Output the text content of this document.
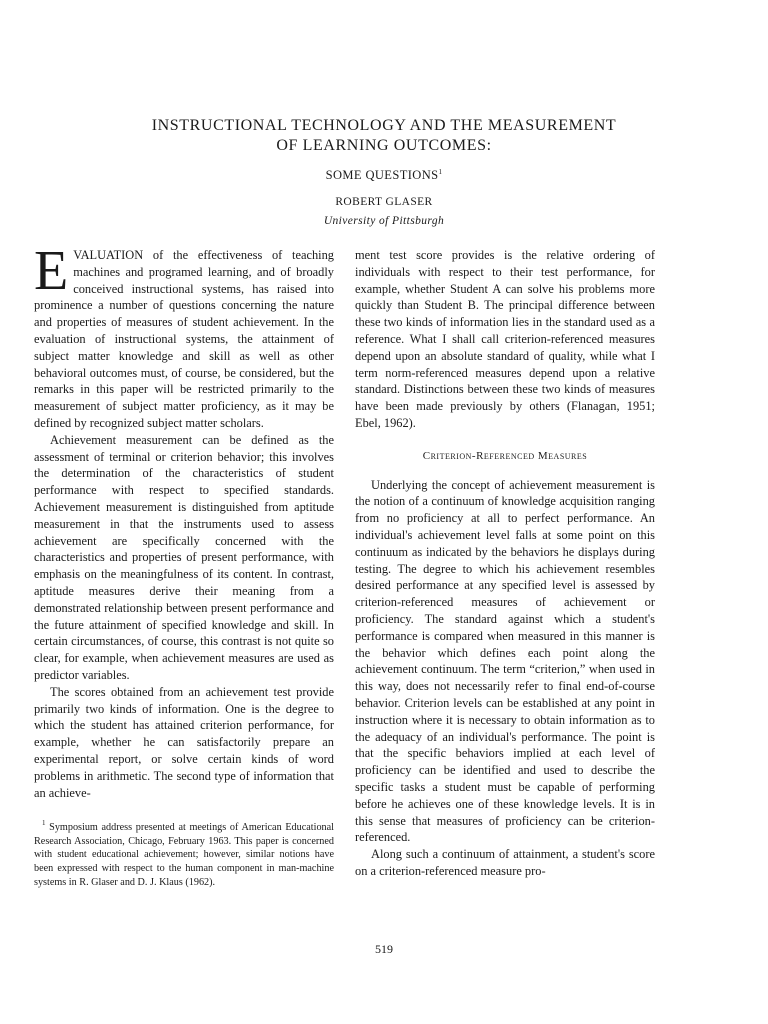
INSTRUCTIONAL TECHNOLOGY AND THE MEASUREMENT
OF LEARNING OUTCOMES:
SOME QUESTIONS$^1$
ROBERT GLASER
University of Pittsburgh

EVALUATION of the effectiveness of teaching machines and programed learning, and of broadly conceived instructional systems, has raised into prominence a number of questions concerning the nature and properties of measures of student achievement. In the evaluation of instructional systems, the attainment of subject matter knowledge and skill as well as other behavioral outcomes must, of course, be considered, but the remarks in this paper will be restricted primarily to the measurement of subject matter proficiency, as it may be defined by recognized subject matter scholars.

Achievement measurement can be defined as the assessment of terminal or criterion behavior; this involves the determination of the characteristics of student performance with respect to specified standards. Achievement measurement is distinguished from aptitude measurement in that the instruments used to assess achievement are specifically concerned with the characteristics and properties of present performance, with emphasis on the meaningfulness of its content. In contrast, aptitude measures derive their meaning from a demonstrated relationship between present performance and the future attainment of specified knowledge and skill. In certain circumstances, of course, this contrast is not quite so clear, for example, when achievement measures are used as predictor variables.

The scores obtained from an achievement test provide primarily two kinds of information. One is the degree to which the student has attained criterion performance, for example, whether he can satisfactorily prepare an experimental report, or solve certain kinds of word problems in arithmetic. The second type of information that an achieve-

$^1$ Symposium address presented at meetings of American Educational Research Association, Chicago, February 1963. This paper is concerned with student educational achievement; however, similar notions have been expressed with respect to the human component in man-machine systems in R. Glaser and D. J. Klaus (1962).

ment test score provides is the relative ordering of individuals with respect to their test performance, for example, whether Student A can solve his problems more quickly than Student B. The principal difference between these two kinds of information lies in the standard used as a reference. What I shall call criterion-referenced measures depend upon an absolute standard of quality, while what I term norm-referenced measures depend upon a relative standard. Distinctions between these two kinds of measures have been made previously by others (Flanagan, 1951; Ebel, 1962).

Criterion-Referenced Measures

Underlying the concept of achievement measurement is the notion of a continuum of knowledge acquisition ranging from no proficiency at all to perfect performance. An individual's achievement level falls at some point on this continuum as indicated by the behaviors he displays during testing. The degree to which his achievement resembles desired performance at any specified level is assessed by criterion-referenced measures of achievement or proficiency. The standard against which a student's performance is compared when measured in this manner is the behavior which defines each point along the achievement continuum. The term “criterion,” when used in this way, does not necessarily refer to final end-of-course behavior. Criterion levels can be established at any point in instruction where it is necessary to obtain information as to the adequacy of an individual's performance. The point is that the specific behaviors implied at each level of proficiency can be identified and used to describe the specific tasks a student must be capable of performing before he achieves one of these knowledge levels. It is in this sense that measures of proficiency can be criterion-referenced.

Along such a continuum of attainment, a student's score on a criterion-referenced measure pro-

519
